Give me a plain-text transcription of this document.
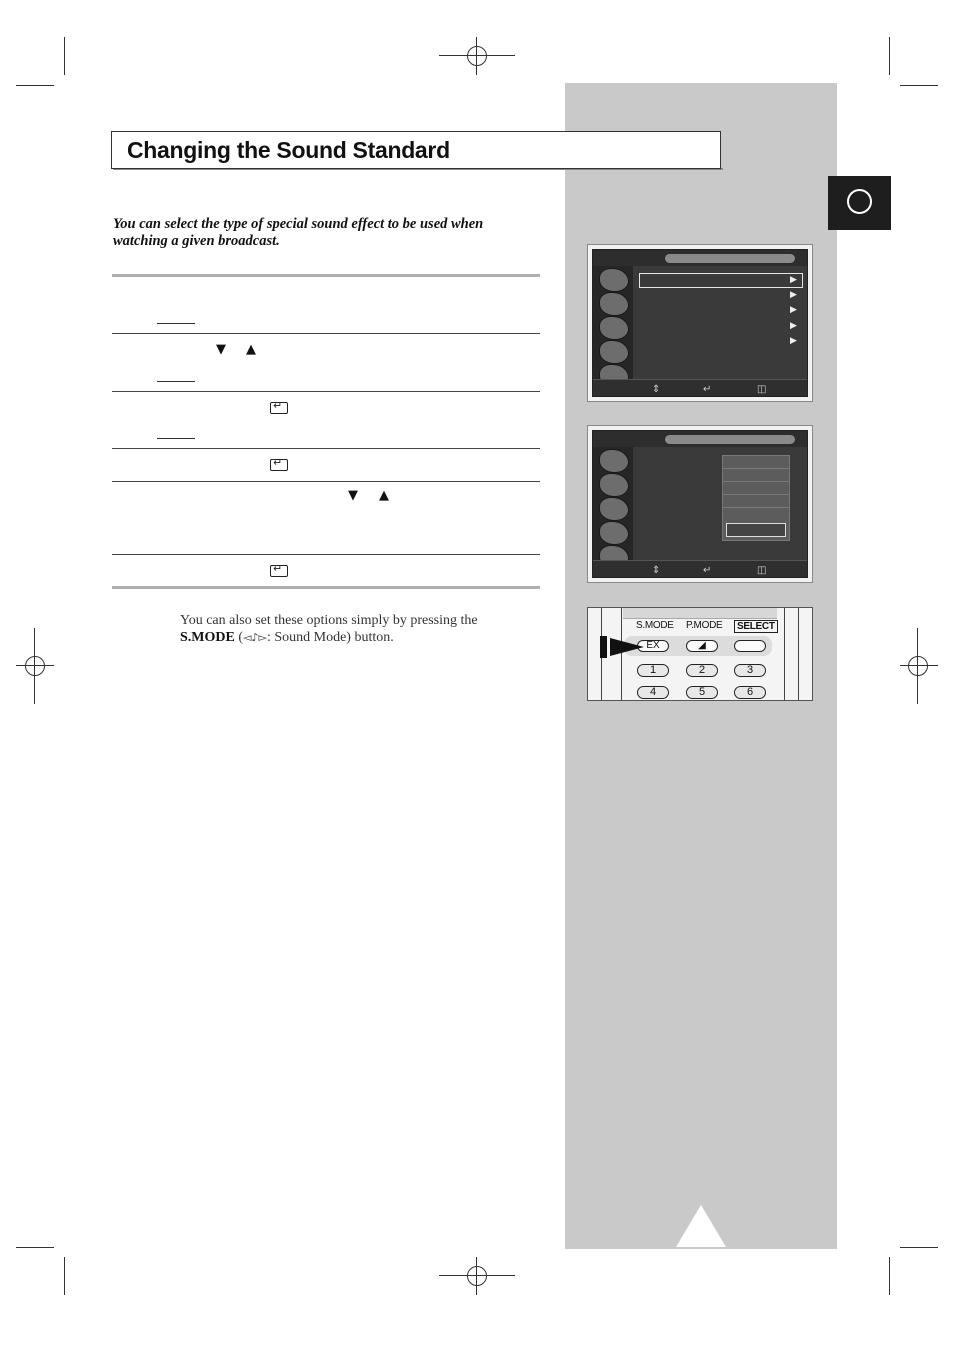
Changing the Sound Standard
You can select the type of special sound effect to be used when watching a given broadcast.
▼ ▲
↵
↵
▼ ▲
↵
You can also set these options simply by pressing the
S.MODE (◅♪▻: Sound Mode) button.
▶
▶
▶
▶
▶
⇕	↵	◫
⇕	↵	◫
S.MODE P.MODE	SELECT
EX	◢
1	2	3
4	5	6
